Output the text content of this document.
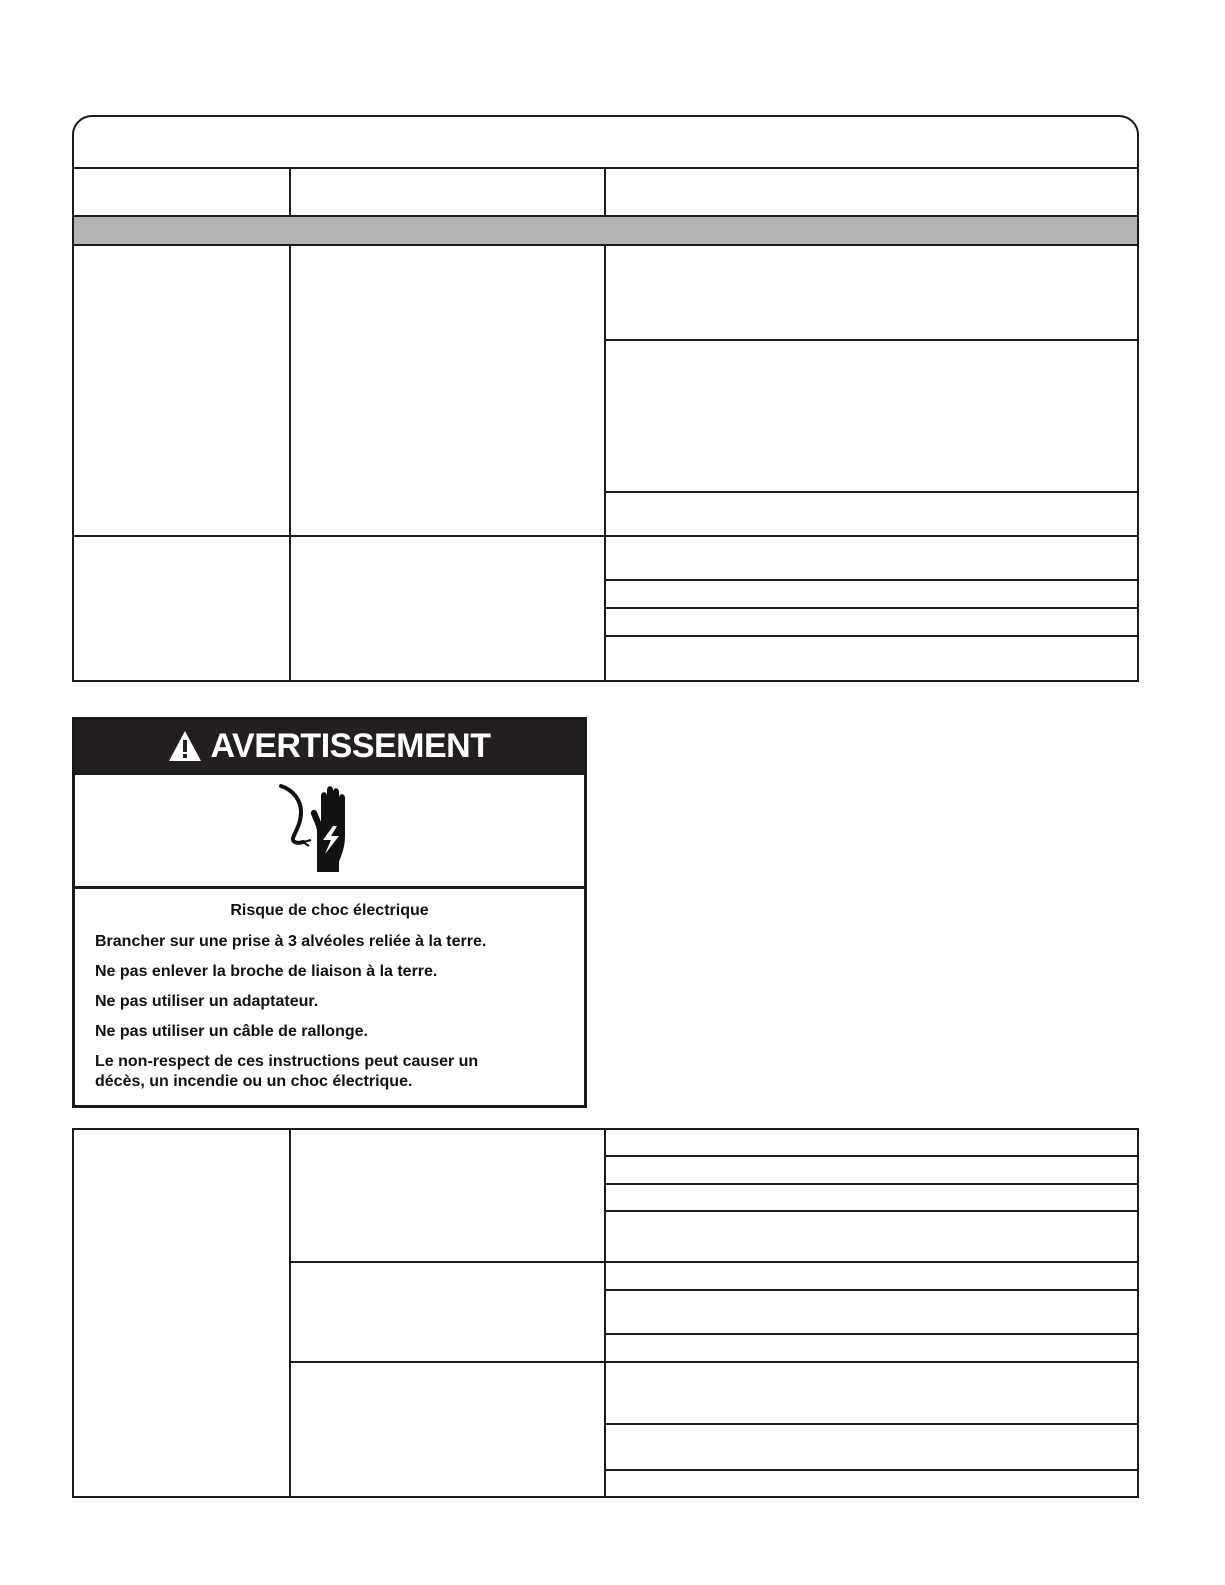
AVERTISSEMENT
Risque de choc électrique
Brancher sur une prise à 3 alvéoles reliée à la terre.
Ne pas enlever la broche de liaison à la terre.
Ne pas utiliser un adaptateur.
Ne pas utiliser un câble de rallonge.
Le non-respect de ces instructions peut causer un décès, un incendie ou un choc électrique.
